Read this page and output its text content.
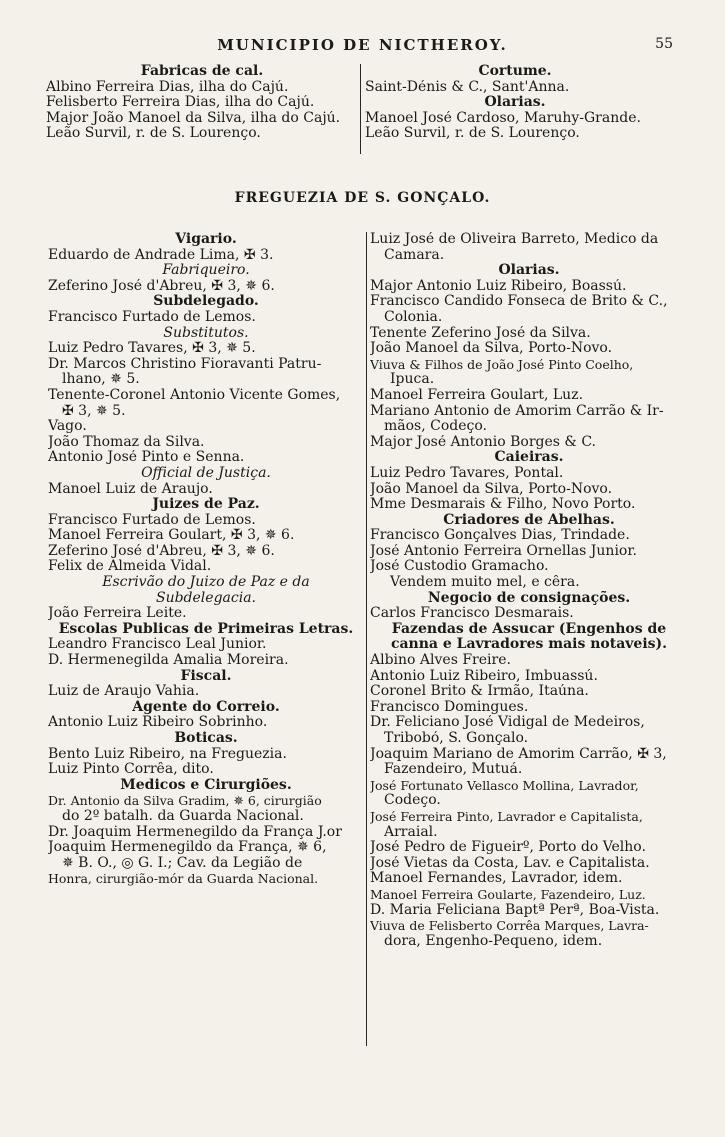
MUNICIPIO DE NICTHEROY.	55
Fabricas de cal.
Albino Ferreira Dias, ilha do Cajú.
Felisberto Ferreira Dias, ilha do Cajú.
Major João Manoel da Silva, ilha do Cajú.
Leão Survil, r. de S. Lourenço.
Cortume.
Saint-Dénis & C., Sant'Anna.
Olarias.
Manoel José Cardoso, Maruhy-Grande.
Leão Survil, r. de S. Lourenço.
FREGUEZIA DE S. GONÇALO.
Vigario.
Eduardo de Andrade Lima, ✠ 3.
Fabriqueiro.
Zeferino José d'Abreu, ✠ 3, ✵ 6.
Subdelegado.
Francisco Furtado de Lemos.
Substitutos.
Luiz Pedro Tavares, ✠ 3, ✵ 5.
Dr. Marcos Christino Fioravanti Patru-
lhano, ✵ 5.
Tenente-Coronel Antonio Vicente Gomes,
✠ 3, ✵ 5.
Vago.
João Thomaz da Silva.
Antonio José Pinto e Senna.
Official de Justiça.
Manoel Luiz de Araujo.
Juizes de Paz.
Francisco Furtado de Lemos.
Manoel Ferreira Goulart, ✠ 3, ✵ 6.
Zeferino José d'Abreu, ✠ 3, ✵ 6.
Felix de Almeida Vidal.
Escrivão do Juizo de Paz e da
Subdelegacia.
João Ferreira Leite.
Escolas Publicas de Primeiras Letras.
Leandro Francisco Leal Junior.
D. Hermenegilda Amalia Moreira.
Fiscal.
Luiz de Araujo Vahia.
Agente do Correio.
Antonio Luiz Ribeiro Sobrinho.
Boticas.
Bento Luiz Ribeiro, na Freguezia.
Luiz Pinto Corrêa, dito.
Medicos e Cirurgiões.
Dr. Antonio da Silva Gradim, ✵ 6, cirurgião
do 2º batalh. da Guarda Nacional.
Dr. Joaquim Hermenegildo da França J.or
Joaquim Hermenegildo da França, ✵ 6,
✵ B. O., ◎ G. I.; Cav. da Legião de
Honra, cirurgião-mór da Guarda Nacional.
Luiz José de Oliveira Barreto, Medico da
Camara.
Olarias.
Major Antonio Luiz Ribeiro, Boassú.
Francisco Candido Fonseca de Brito & C.,
Colonia.
Tenente Zeferino José da Silva.
João Manoel da Silva, Porto-Novo.
Viuva & Filhos de João José Pinto Coelho,
Ipuca.
Manoel Ferreira Goulart, Luz.
Mariano Antonio de Amorim Carrão & Ir-
mãos, Codeço.
Major José Antonio Borges & C.
Caieiras.
Luiz Pedro Tavares, Pontal.
João Manoel da Silva, Porto-Novo.
Mme Desmarais & Filho, Novo Porto.
Criadores de Abelhas.
Francisco Gonçalves Dias, Trindade.
José Antonio Ferreira Ornellas Junior.
José Custodio Gramacho.
Vendem muito mel, e cêra.
Negocio de consignações.
Carlos Francisco Desmarais.
Fazendas de Assucar (Engenhos de
canna e Lavradores mais notaveis).
Albino Alves Freire.
Antonio Luiz Ribeiro, Imbuassú.
Coronel Brito & Irmão, Itaúna.
Francisco Domingues.
Dr. Feliciano José Vidigal de Medeiros,
Tribobó, S. Gonçalo.
Joaquim Mariano de Amorim Carrão, ✠ 3,
Fazendeiro, Mutuá.
José Fortunato Vellasco Mollina, Lavrador,
Codeço.
José Ferreira Pinto, Lavrador e Capitalista,
Arraial.
José Pedro de Figueirº, Porto do Velho.
José Vietas da Costa, Lav. e Capitalista.
Manoel Fernandes, Lavrador, idem.
Manoel Ferreira Goularte, Fazendeiro, Luz.
D. Maria Feliciana Baptª Perª, Boa-Vista.
Viuva de Felisberto Corrêa Marques, Lavra-
dora, Engenho-Pequeno, idem.
